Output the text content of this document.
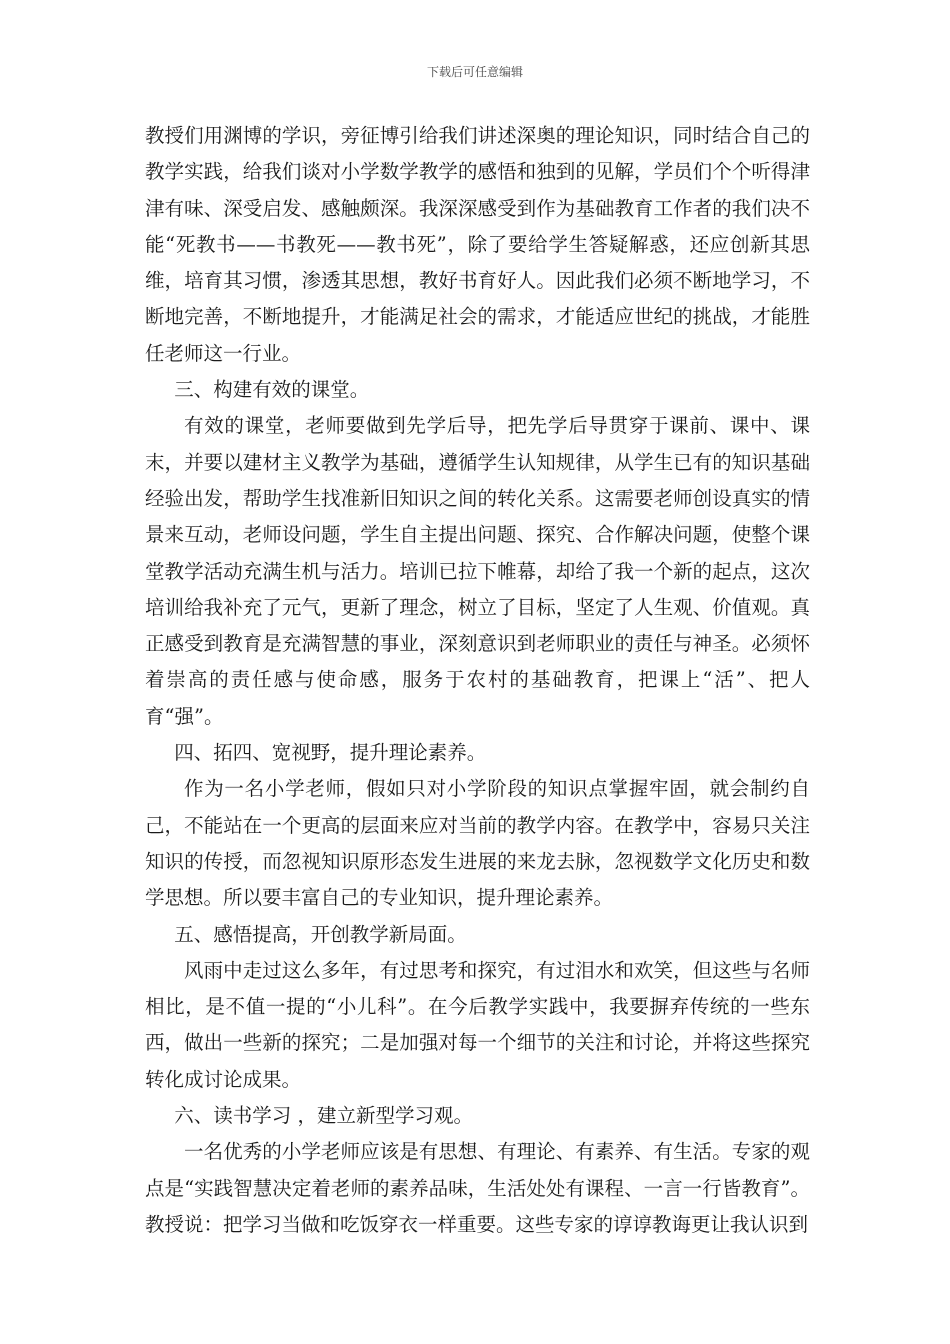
下载后可任意编辑

教授们用渊博的学识，旁征博引给我们讲述深奥的理论知识，同时结合自己的教学实践，给我们谈对小学数学教学的感悟和独到的见解，学员们个个听得津津有味、深受启发、感触颇深。我深深感受到作为基础教育工作者的我们决不能“死教书——书教死——教书死”，除了要给学生答疑解惑，还应创新其思维，培育其习惯，渗透其思想，教好书育好人。因此我们必须不断地学习，不断地完善，不断地提升，才能满足社会的需求，才能适应世纪的挑战，才能胜任老师这一行业。

三、构建有效的课堂。

有效的课堂，老师要做到先学后导，把先学后导贯穿于课前、课中、课末，并要以建材主义教学为基础，遵循学生认知规律，从学生已有的知识基础经验出发，帮助学生找准新旧知识之间的转化关系。这需要老师创设真实的情景来互动，老师设问题，学生自主提出问题、探究、合作解决问题，使整个课堂教学活动充满生机与活力。培训已拉下帷幕，却给了我一个新的起点，这次培训给我补充了元气，更新了理念，树立了目标，坚定了人生观、价值观。真正感受到教育是充满智慧的事业，深刻意识到老师职业的责任与神圣。必须怀着崇高的责任感与使命感，服务于农村的基础教育，把课上“活”、把人育“强”。

四、拓四、宽视野，提升理论素养。

作为一名小学老师，假如只对小学阶段的知识点掌握牢固，就会制约自己，不能站在一个更高的层面来应对当前的教学内容。在教学中，容易只关注知识的传授，而忽视知识原形态发生进展的来龙去脉，忽视数学文化历史和数学思想。所以要丰富自己的专业知识，提升理论素养。

五、感悟提高，开创教学新局面。

风雨中走过这么多年，有过思考和探究，有过泪水和欢笑，但这些与名师相比，是不值一提的“小儿科”。在今后教学实践中，我要摒弃传统的一些东西，做出一些新的探究；二是加强对每一个细节的关注和讨论，并将这些探究转化成讨论成果。

六、读书学习 ，建立新型学习观。

一名优秀的小学老师应该是有思想、有理论、有素养、有生活。专家的观点是“实践智慧决定着老师的素养品味，生活处处有课程、一言一行皆教育”。教授说：把学习当做和吃饭穿衣一样重要。这些专家的谆谆教诲更让我认识到
